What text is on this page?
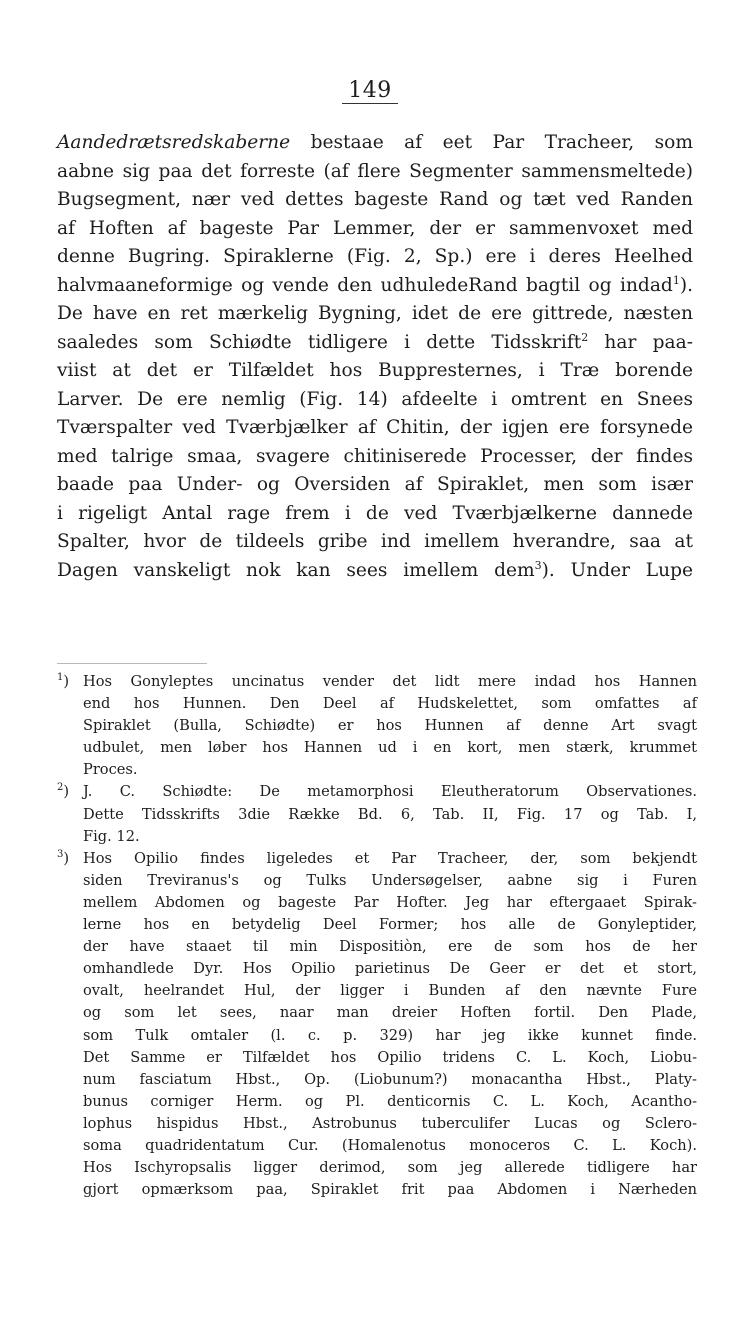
149
Aandedrætsredskaberne bestaae af eet Par Tracheer, som
aabne sig paa det forreste (af flere Segmenter sammensmeltede)
Bugsegment, nær ved dettes bageste Rand og tæt ved Randen
af Hoften af bageste Par Lemmer, der er sammenvoxet med
denne Bugring. Spiraklerne (Fig. 2, Sp.) ere i deres Heelhed
halvmaaneformige og vende den udhuledeRand bagtil og indad$^1$).
De have en ret mærkelig Bygning, idet de ere gittrede, næsten
saaledes som Schiødte tidligere i dette Tidsskrift$^2$ har paa-
viist at det er Tilfældet hos Buppresternes, i Træ borende
Larver. De ere nemlig (Fig. 14) afdeelte i omtrent en Snees
Tværspalter ved Tværbjælker af Chitin, der igjen ere forsynede
med talrige smaa, svagere chitiniserede Processer, der findes
baade paa Under- og Oversiden af Spiraklet, men som især
i rigeligt Antal rage frem i de ved Tværbjælkerne dannede
Spalter, hvor de tildeels gribe ind imellem hverandre, saa at
Dagen vanskeligt nok kan sees imellem dem$^3$). Under Lupe
$^1$) Hos Gonyleptes uncinatus vender det lidt mere indad hos Hannen
end hos Hunnen. Den Deel af Hudskelettet, som omfattes af
Spiraklet (Bulla, Schiødte) er hos Hunnen af denne Art svagt
udbulet, men løber hos Hannen ud i en kort, men stærk, krummet
Proces.
$^2$) J. C. Schiødte: De metamorphosi Eleutheratorum Observationes.
Dette Tidsskrifts 3die Række Bd. 6, Tab. II, Fig. 17 og Tab. I,
Fig. 12.
$^3$) Hos Opilio findes ligeledes et Par Tracheer, der, som bekjendt
siden Treviranus's og Tulks Undersøgelser, aabne sig i Furen
mellem Abdomen og bageste Par Hofter. Jeg har eftergaaet Spirak-
lerne hos en betydelig Deel Former; hos alle de Gonyleptider,
der have staaet til min Dispositiòn, ere de som hos de her
omhandlede Dyr. Hos Opilio parietinus De Geer er det et stort,
ovalt, heelrandet Hul, der ligger i Bunden af den nævnte Fure
og som let sees, naar man dreier Hoften fortil. Den Plade,
som Tulk omtaler (l. c. p. 329) har jeg ikke kunnet finde.
Det Samme er Tilfældet hos Opilio tridens C. L. Koch, Liobu-
num fasciatum Hbst., Op. (Liobunum?) monacantha Hbst., Platy-
bunus corniger Herm. og Pl. denticornis C. L. Koch, Acantho-
lophus hispidus Hbst., Astrobunus tuberculifer Lucas og Sclero-
soma quadridentatum Cur. (Homalenotus monoceros C. L. Koch).
Hos Ischyropsalis ligger derimod, som jeg allerede tidligere har
gjort opmærksom paa, Spiraklet frit paa Abdomen i Nærheden
